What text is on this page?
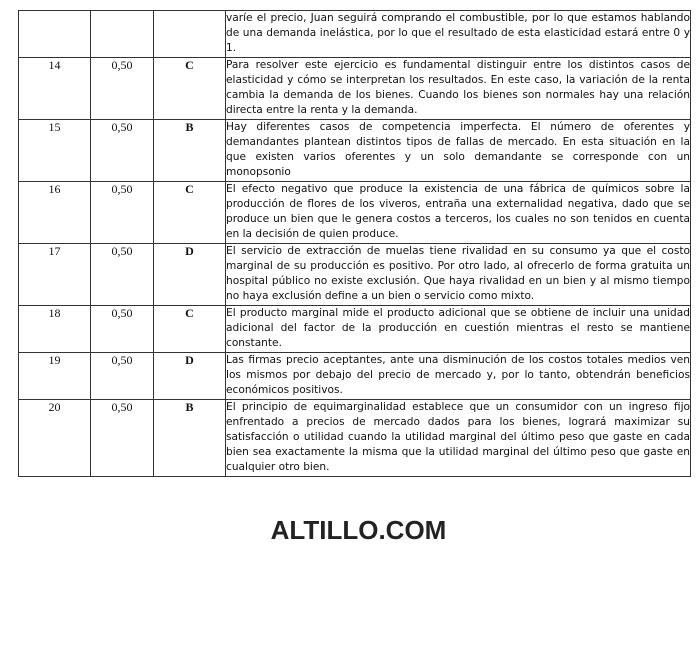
			varíe el precio, Juan seguirá comprando el combustible, por lo que estamos hablando de una demanda inelástica, por lo que el resultado de esta elasticidad estará entre 0 y 1.
14	0,50	C	Para resolver este ejercicio es fundamental distinguir entre los distintos casos de elasticidad y cómo se interpretan los resultados. En este caso, la variación de la renta cambia la demanda de los bienes. Cuando los bienes son normales hay una relación directa entre la renta y la demanda.
15	0,50	B	Hay diferentes casos de competencia imperfecta. El número de oferentes y demandantes plantean distintos tipos de fallas de mercado. En esta situación en la que existen varios oferentes y un solo demandante se corresponde con un monopsonio
16	0,50	C	El efecto negativo que produce la existencia de una fábrica de químicos sobre la producción de flores de los viveros, entraña una externalidad negativa, dado que se produce un bien que le genera costos a terceros, los cuales no son tenidos en cuenta en la decisión de quien produce.
17	0,50	D	El servicio de extracción de muelas tiene rivalidad en su consumo ya que el costo marginal de su producción es positivo. Por otro lado, al ofrecerlo de forma gratuita un hospital público no existe exclusión. Que haya rivalidad en un bien y al mismo tiempo no haya exclusión define a un bien o servicio como mixto.
18	0,50	C	El producto marginal mide el producto adicional que se obtiene de incluir una unidad adicional del factor de la producción en cuestión mientras el resto se mantiene constante.
19	0,50	D	Las firmas precio aceptantes, ante una disminución de los costos totales medios ven los mismos por debajo del precio de mercado y, por lo tanto, obtendrán beneficios económicos positivos.
20	0,50	B	El principio de equimarginalidad establece que un consumidor con un ingreso fijo enfrentado a precios de mercado dados para los bienes, logrará maximizar su satisfacción o utilidad cuando la utilidad marginal del último peso que gaste en cada bien sea exactamente la misma que la utilidad marginal del último peso que gaste en cualquier otro bien.
ALTILLO.COM
